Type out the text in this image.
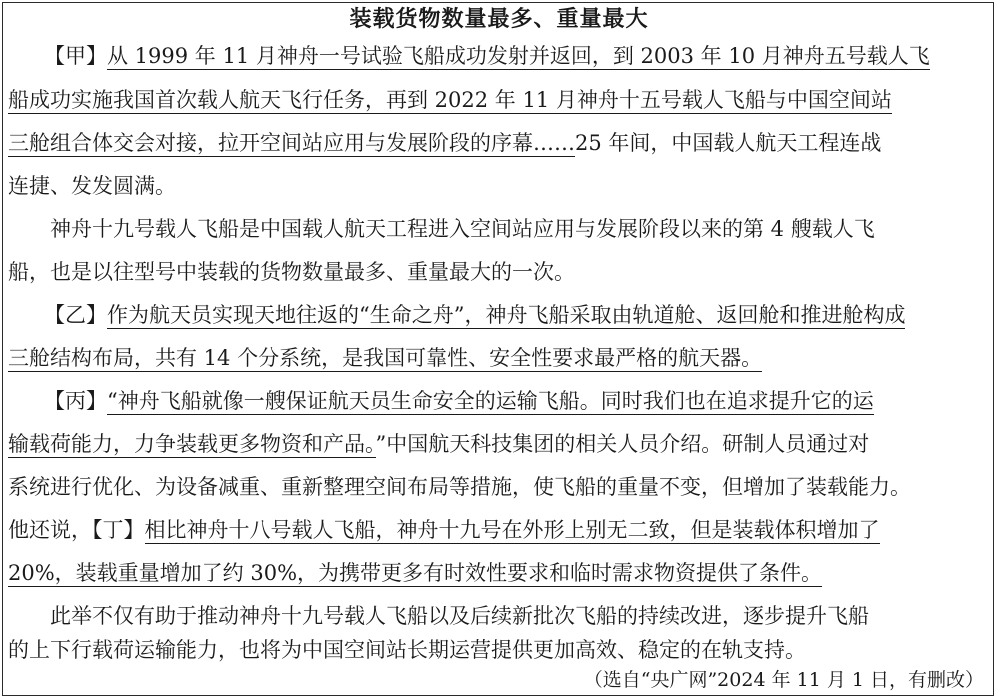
装载货物数量最多、重量最大
【甲】从 1999 年 11 月神舟一号试验飞船成功发射并返回，到 2003 年 10 月神舟五号载人飞
船成功实施我国首次载人航天飞行任务，再到 2022 年 11 月神舟十五号载人飞船与中国空间站
三舱组合体交会对接，拉开空间站应用与发展阶段的序幕……25 年间，中国载人航天工程连战
连捷、发发圆满。
神舟十九号载人飞船是中国载人航天工程进入空间站应用与发展阶段以来的第 4 艘载人飞
船，也是以往型号中装载的货物数量最多、重量最大的一次。
【乙】作为航天员实现天地往返的“生命之舟”，神舟飞船采取由轨道舱、返回舱和推进舱构成
三舱结构布局，共有 14 个分系统，是我国可靠性、安全性要求最严格的航天器。
【丙】“神舟飞船就像一艘保证航天员生命安全的运输飞船。同时我们也在追求提升它的运
输载荷能力，力争装载更多物资和产品。”中国航天科技集团的相关人员介绍。研制人员通过对
系统进行优化、为设备减重、重新整理空间布局等措施，使飞船的重量不变，但增加了装载能力。
他还说，【丁】相比神舟十八号载人飞船，神舟十九号在外形上别无二致，但是装载体积增加了
20%，装载重量增加了约 30%，为携带更多有时效性要求和临时需求物资提供了条件。
此举不仅有助于推动神舟十九号载人飞船以及后续新批次飞船的持续改进，逐步提升飞船
的上下行载荷运输能力，也将为中国空间站长期运营提供更加高效、稳定的在轨支持。
（选自“央广网”2024 年 11 月 1 日，有删改）
